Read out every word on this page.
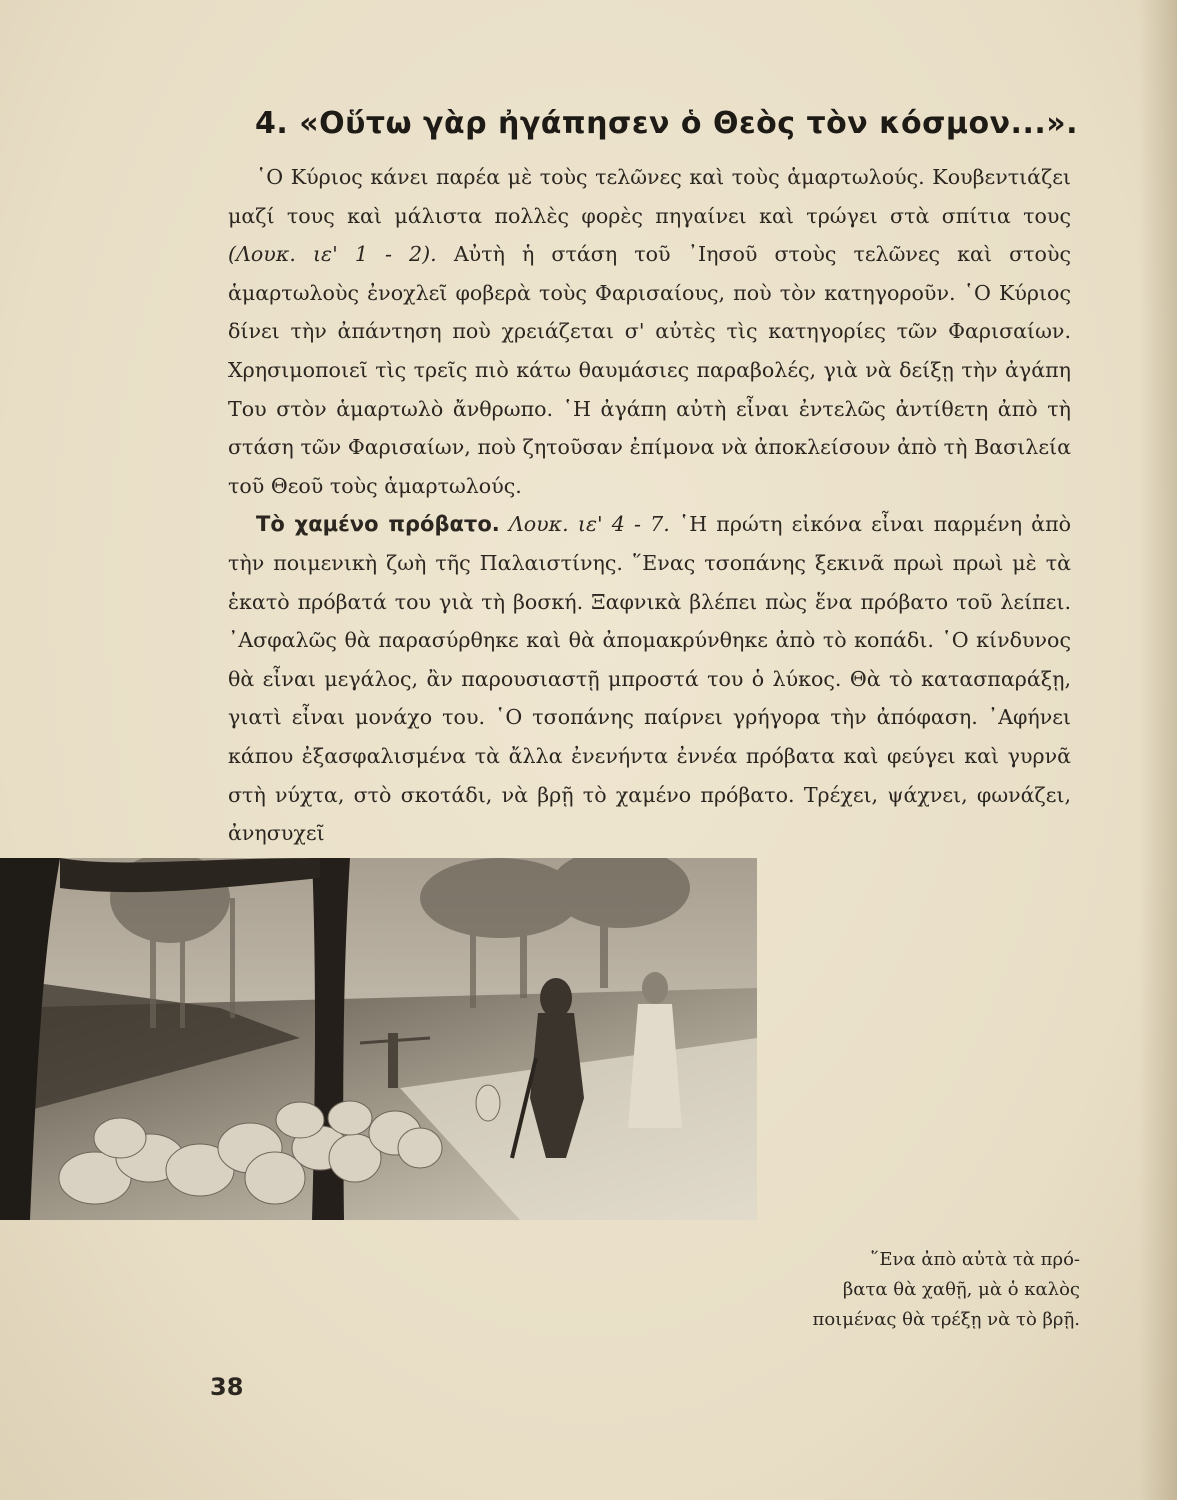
4. «Οὕτω γὰρ ἠγάπησεν ὁ Θεὸς τὸν κόσμον...».

῾Ο Κύριος κάνει παρέα μὲ τοὺς τελῶνες καὶ τοὺς ἁμαρτωλούς. Κουβεντιάζει μαζί τους καὶ μάλιστα πολλὲς φορὲς πηγαίνει καὶ τρώγει στὰ σπίτια τους (Λουκ. ιε' 1 - 2). Αὐτὴ ἡ στάση τοῦ ᾿Ιησοῦ στοὺς τελῶνες καὶ στοὺς ἁμαρτωλοὺς ἐνοχλεῖ φοβερὰ τοὺς Φαρισαίους, ποὺ τὸν κατηγοροῦν. ῾Ο Κύριος δίνει τὴν ἀπάντηση ποὺ χρειάζεται σ' αὐτὲς τὶς κατηγορίες τῶν Φαρισαίων. Χρησιμοποιεῖ τὶς τρεῖς πιὸ κάτω θαυμάσιες παραβολές, γιὰ νὰ δείξῃ τὴν ἀγάπη Του στὸν ἁμαρτωλὸ ἄνθρωπο. ῾Η ἀγάπη αὐτὴ εἶναι ἐντελῶς ἀντίθετη ἀπὸ τὴ στάση τῶν Φαρισαίων, ποὺ ζητοῦσαν ἐπίμονα νὰ ἀποκλείσουν ἀπὸ τὴ Βασιλεία τοῦ Θεοῦ τοὺς ἁμαρτωλούς.

Τὸ χαμένο πρόβατο. Λουκ. ιε' 4 - 7. ῾Η πρώτη εἰκόνα εἶναι παρμένη ἀπὸ τὴν ποιμενικὴ ζωὴ τῆς Παλαιστίνης. ῞Ενας τσοπάνης ξεκινᾶ πρωὶ πρωὶ μὲ τὰ ἑκατὸ πρόβατά του γιὰ τὴ βοσκή. Ξαφνικὰ βλέπει πὼς ἕνα πρόβατο τοῦ λείπει. ᾿Ασφαλῶς θὰ παρασύρθηκε καὶ θὰ ἀπομακρύνθηκε ἀπὸ τὸ κοπάδι. ῾Ο κίνδυνος θὰ εἶναι μεγάλος, ἂν παρουσιαστῇ μπροστά του ὁ λύκος. Θὰ τὸ κατασπαράξῃ, γιατὶ εἶναι μονάχο του. ῾Ο τσοπάνης παίρνει γρήγορα τὴν ἀπόφαση. ᾿Αφήνει κάπου ἐξασφαλισμένα τὰ ἄλλα ἐνενήντα ἐννέα πρόβατα καὶ φεύγει καὶ γυρνᾶ στὴ νύχτα, στὸ σκοτάδι, νὰ βρῇ τὸ χαμένο πρόβατο. Τρέχει, ψάχνει, φωνάζει, ἀνησυχεῖ

῞Ενα ἀπὸ αὐτὰ τὰ πρό-
βατα θὰ χαθῇ, μὰ ὁ καλὸς
ποιμένας θὰ τρέξῃ νὰ τὸ βρῇ.
38
